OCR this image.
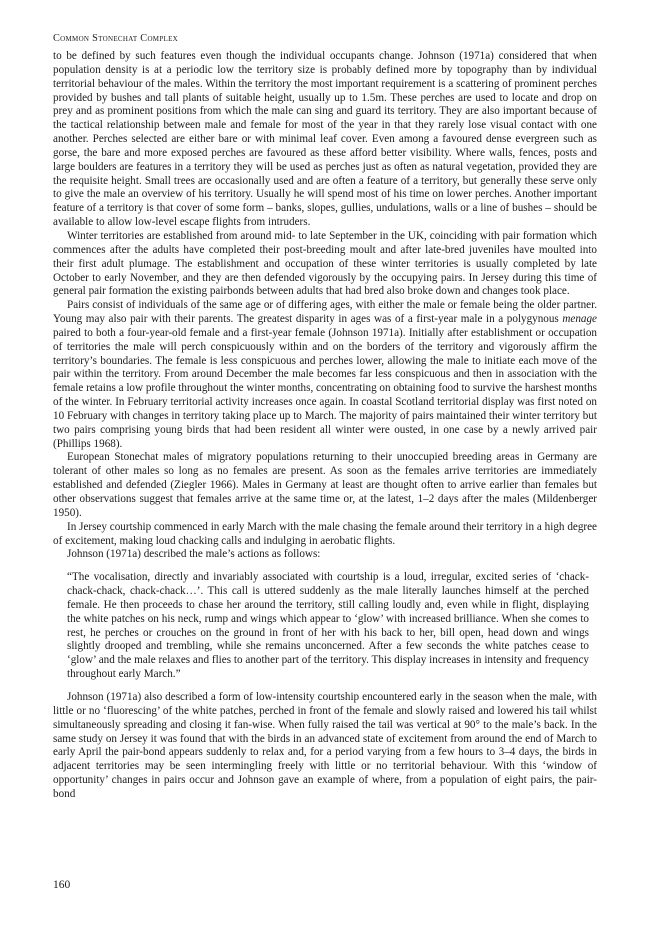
Common Stonechat Complex

to be defined by such features even though the individual occupants change. Johnson (1971a) considered that when population density is at a periodic low the territory size is probably defined more by topography than by individual territorial behaviour of the males. Within the territory the most important requirement is a scattering of prominent perches provided by bushes and tall plants of suitable height, usually up to 1.5m. These perches are used to locate and drop on prey and as prominent positions from which the male can sing and guard its territory. They are also important because of the tactical relationship between male and female for most of the year in that they rarely lose visual contact with one another. Perches selected are either bare or with minimal leaf cover. Even among a favoured dense evergreen such as gorse, the bare and more exposed perches are favoured as these afford better visibility. Where walls, fences, posts and large boulders are features in a territory they will be used as perches just as often as natural vegetation, provided they are the requisite height. Small trees are occasionally used and are often a feature of a territory, but generally these serve only to give the male an overview of his territory. Usually he will spend most of his time on lower perches. Another important feature of a territory is that cover of some form – banks, slopes, gullies, undulations, walls or a line of bushes – should be available to allow low-level escape flights from intruders.

Winter territories are established from around mid- to late September in the UK, coinciding with pair formation which commences after the adults have completed their post-breeding moult and after late-bred juveniles have moulted into their first adult plumage. The establishment and occupation of these winter territories is usually completed by late October to early November, and they are then defended vigorously by the occupying pairs. In Jersey during this time of general pair formation the existing pairbonds between adults that had bred also broke down and changes took place.

Pairs consist of individuals of the same age or of differing ages, with either the male or female being the older partner. Young may also pair with their parents. The greatest disparity in ages was of a first-year male in a polygynous menage paired to both a four-year-old female and a first-year female (Johnson 1971a). Initially after establishment or occupation of territories the male will perch conspicuously within and on the borders of the territory and vigorously affirm the territory’s boundaries. The female is less conspicuous and perches lower, allowing the male to initiate each move of the pair within the territory. From around December the male becomes far less conspicuous and then in association with the female retains a low profile throughout the winter months, concentrating on obtaining food to survive the harshest months of the winter. In February territorial activity increases once again. In coastal Scotland territorial display was first noted on 10 February with changes in territory taking place up to March. The majority of pairs maintained their winter territory but two pairs comprising young birds that had been resident all winter were ousted, in one case by a newly arrived pair (Phillips 1968).

European Stonechat males of migratory populations returning to their unoccupied breeding areas in Germany are tolerant of other males so long as no females are present. As soon as the females arrive territories are immediately established and defended (Ziegler 1966). Males in Germany at least are thought often to arrive earlier than females but other observations suggest that females arrive at the same time or, at the latest, 1–2 days after the males (Mildenberger 1950).

In Jersey courtship commenced in early March with the male chasing the female around their territory in a high degree of excitement, making loud chacking calls and indulging in aerobatic flights.

Johnson (1971a) described the male’s actions as follows:

“The vocalisation, directly and invariably associated with courtship is a loud, irregular, excited series of ‘chack-chack-chack, chack-chack…’. This call is uttered suddenly as the male literally launches himself at the perched female. He then proceeds to chase her around the territory, still calling loudly and, even while in flight, displaying the white patches on his neck, rump and wings which appear to ‘glow’ with increased brilliance. When she comes to rest, he perches or crouches on the ground in front of her with his back to her, bill open, head down and wings slightly drooped and trembling, while she remains unconcerned. After a few seconds the white patches cease to ‘glow’ and the male relaxes and flies to another part of the territory. This display increases in intensity and frequency throughout early March.”

Johnson (1971a) also described a form of low-intensity courtship encountered early in the season when the male, with little or no ‘fluorescing’ of the white patches, perched in front of the female and slowly raised and lowered his tail whilst simultaneously spreading and closing it fan-wise. When fully raised the tail was vertical at 90° to the male’s back. In the same study on Jersey it was found that with the birds in an advanced state of excitement from around the end of March to early April the pair-bond appears suddenly to relax and, for a period varying from a few hours to 3–4 days, the birds in adjacent territories may be seen intermingling freely with little or no territorial behaviour. With this ‘window of opportunity’ changes in pairs occur and Johnson gave an example of where, from a population of eight pairs, the pair-bond

160
